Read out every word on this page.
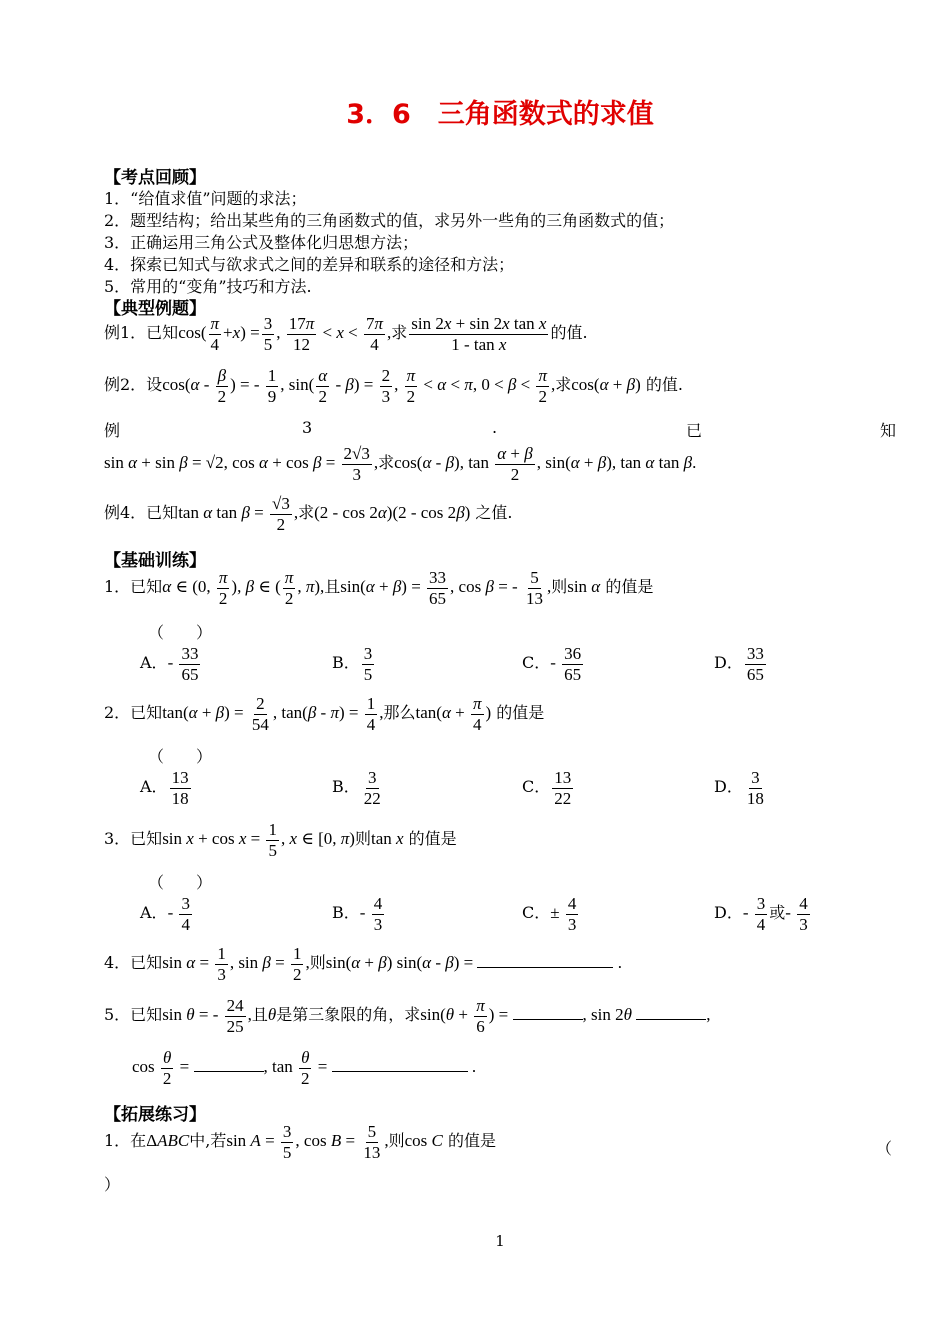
3．6　三角函数式的求值
【考点回顾】
1．“给值求值”问题的求法；
2．题型结构；给出某些角的三角函数式的值，求另外一些角的三角函数式的值；
3．正确运用三角公式及整体化归思想方法；
4．探索已知式与欲求式之间的差异和联系的途径和方法；
5．常用的“变角”技巧和方法.
【典型例题】
例1．已知$\cos( \frac{\pi}{4} +x) = \frac{3}{5}$ , $\frac{17\pi}{12} < x < \frac{7\pi}{4}$ ,求 $\frac{\text{sin 2x + sin 2x tan x}}{\text{1 - tan x}}$ 的值.
例2．设$\cos(\alpha - \frac{\beta}{2}$ ) = - $\frac{1}{9}$ , $\sin( \frac{\alpha}{2} - \beta) = \frac{2}{3}$ , $\frac{\pi}{2} < \alpha < \pi$, $0 < \beta < \frac{\pi}{2}$ ,求cos(α + β) 的值.
例	3	.	已	知
sin α + sin β = √2, $\cos \alpha + \cos \beta = \frac{2√3}{3}$ ,求cos(α - β), $\tan \frac{\alpha + \beta}{2}$ , sin(α + β), tan α tan β.
例4．已知tan α $\tan \beta = \frac{√3}{2}$ ,求(2 - cos 2α)(2 - cos 2β) 之值.
【基础训练】
1．已知α ∈ (0, $\frac{\pi}{2}$ ), β ∈ ( $\frac{\pi}{2}$ , π),且$\sin(\alpha + \beta) = \frac{33}{65}$ , cos β = - $\frac{5}{13}$ ,则sin α 的值是
（　　）
A．- $\frac{33}{65}$	B． $\frac{3}{5}$	C．- $\frac{36}{65}$	D． $\frac{33}{65}$
2．已知$\tan(\alpha + \beta) = \frac{2}{54}$ , $\tan(\beta - \pi) = \frac{1}{4}$ ,那么$\tan(\alpha + \frac{\pi}{4}$ ) 的值是
（　　）
A． $\frac{13}{18}$	B． $\frac{3}{22}$	C． $\frac{13}{22}$	D． $\frac{3}{18}$
3．已知$\sin x + \cos x = \frac{1}{5}$ , x ∈ [0, π)则tan x 的值是
（　　）
A．- $\frac{3}{4}$	B．- $\frac{4}{3}$	C．± $\frac{4}{3}$	D．- $\frac{3}{4}$ 或- $\frac{4}{3}$
4．已知$\sin \alpha = \frac{1}{3}$ , $\sin \beta = \frac{1}{2}$ ,则sin(α + β) sin(α - β) =	.
5．已知sin θ = - $\frac{24}{25}$ ,且θ是第三象限的角，求$\sin(\theta + \frac{\pi}{6}$ ) =	, sin 2θ	,
$\cos \frac{\theta}{2}$ =	, $\tan \frac{\theta}{2}$ =	.
【拓展练习】
1．在ΔABC中,若$\sin A = \frac{3}{5}$ , $\cos B = \frac{5}{13}$ ,则cos C 的值是	（
）
1
